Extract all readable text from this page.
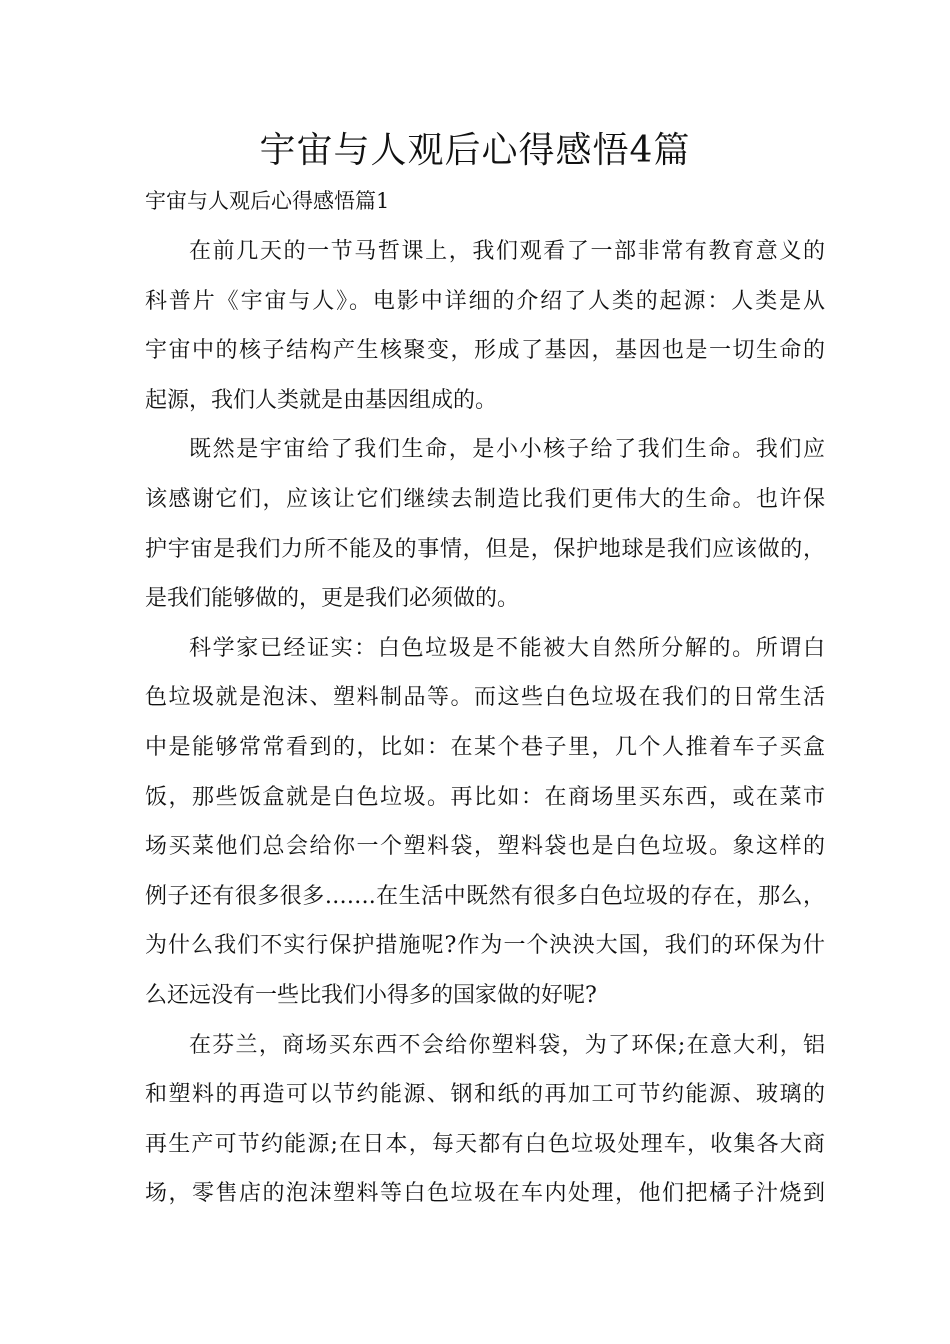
宇宙与人观后心得感悟4篇

宇宙与人观后心得感悟篇1

在前几天的一节马哲课上，我们观看了一部非常有教育意义的
科普片《宇宙与人》。电影中详细的介绍了人类的起源：人类是从
宇宙中的核子结构产生核聚变，形成了基因，基因也是一切生命的
起源，我们人类就是由基因组成的。
既然是宇宙给了我们生命，是小小核子给了我们生命。我们应
该感谢它们，应该让它们继续去制造比我们更伟大的生命。也许保
护宇宙是我们力所不能及的事情，但是，保护地球是我们应该做的，
是我们能够做的，更是我们必须做的。
科学家已经证实：白色垃圾是不能被大自然所分解的。所谓白
色垃圾就是泡沫、塑料制品等。而这些白色垃圾在我们的日常生活
中是能够常常看到的，比如：在某个巷子里，几个人推着车子买盒
饭，那些饭盒就是白色垃圾。再比如：在商场里买东西，或在菜市
场买菜他们总会给你一个塑料袋，塑料袋也是白色垃圾。象这样的
例子还有很多很多…….在生活中既然有很多白色垃圾的存在，那么，
为什么我们不实行保护措施呢?作为一个泱泱大国，我们的环保为什
么还远没有一些比我们小得多的国家做的好呢?
在芬兰，商场买东西不会给你塑料袋，为了环保;在意大利，铝
和塑料的再造可以节约能源、钢和纸的再加工可节约能源、玻璃的
再生产可节约能源;在日本，每天都有白色垃圾处理车，收集各大商
场，零售店的泡沫塑料等白色垃圾在车内处理，他们把橘子汁烧到
